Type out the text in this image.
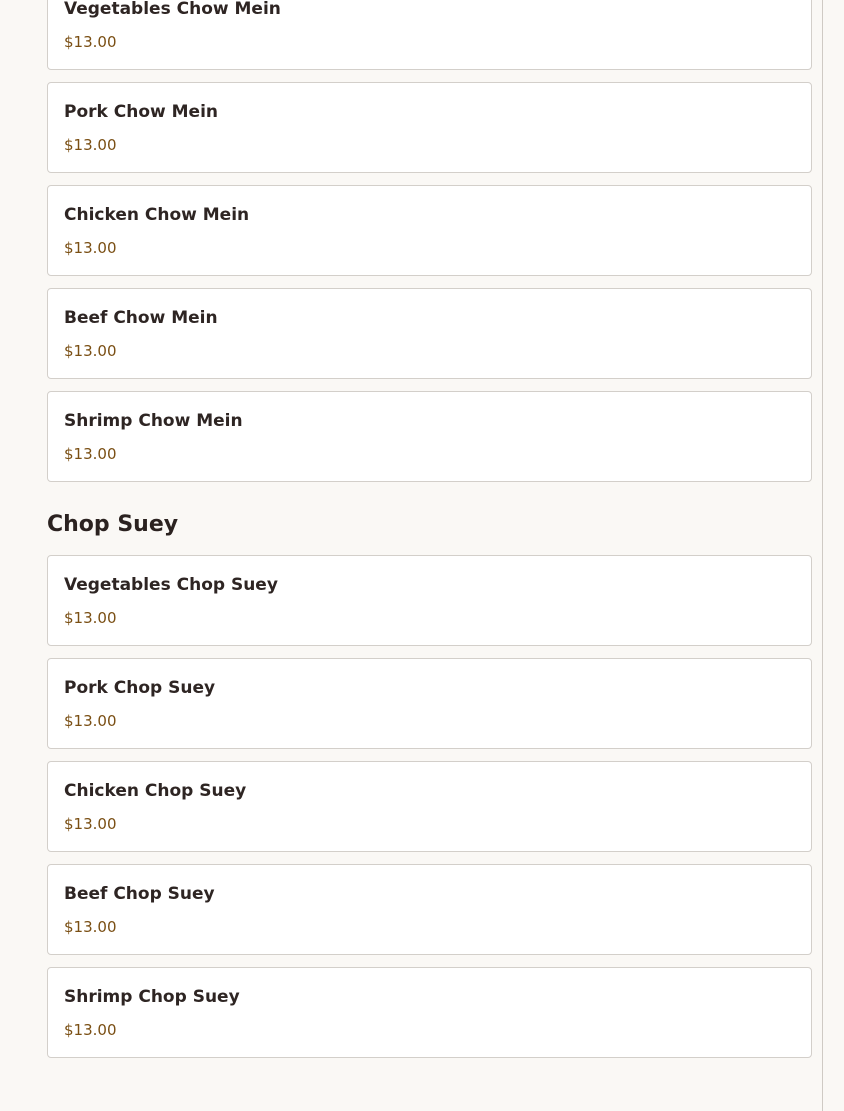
Vegetables Chow Mein
$13.00
Pork Chow Mein
$13.00
Chicken Chow Mein
$13.00
Beef Chow Mein
$13.00
Shrimp Chow Mein
$13.00
Chop Suey
Vegetables Chop Suey
$13.00
Pork Chop Suey
$13.00
Chicken Chop Suey
$13.00
Beef Chop Suey
$13.00
Shrimp Chop Suey
$13.00
